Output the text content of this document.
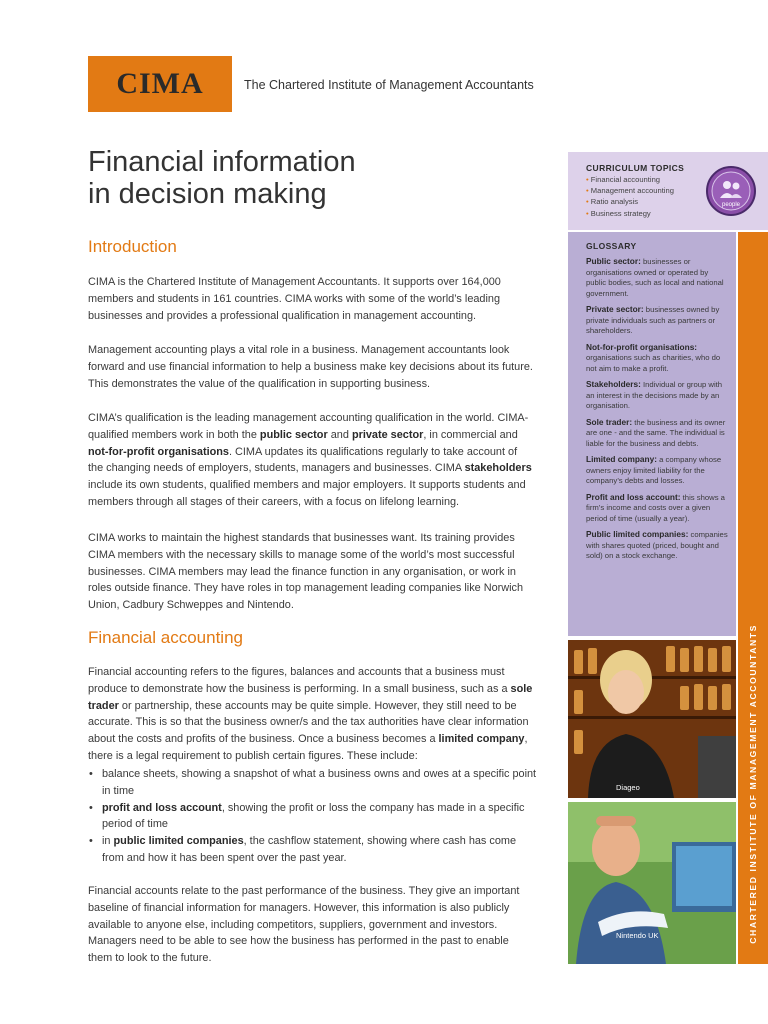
CIMA	The Chartered Institute of Management Accountants
Financial information
in decision making
Introduction

CIMA is the Chartered Institute of Management Accountants. It supports over 164,000 members and students in 161 countries. CIMA works with some of the world’s leading businesses and provides a professional qualification in management accounting.

Management accounting plays a vital role in a business. Management accountants look forward and use financial information to help a business make key decisions about its future. This demonstrates the value of the qualification in supporting business.

CIMA’s qualification is the leading management accounting qualification in the world. CIMA-qualified members work in both the public sector and private sector, in commercial and not-for-profit organisations. CIMA updates its qualifications regularly to take account of the changing needs of employers, students, managers and businesses. CIMA stakeholders include its own students, qualified members and major employers. It supports students and members through all stages of their careers, with a focus on lifelong learning.

CIMA works to maintain the highest standards that businesses want. Its training provides CIMA members with the necessary skills to manage some of the world’s most successful businesses. CIMA members may lead the finance function in any organisation, or work in roles outside finance. They have roles in top management leading companies like Norwich Union, Cadbury Schweppes and Nintendo.

Financial accounting

Financial accounting refers to the figures, balances and accounts that a business must produce to demonstrate how the business is performing. In a small business, such as a sole trader or partnership, these accounts may be quite simple. However, they still need to be accurate. This is so that the business owner/s and the tax authorities have clear information about the costs and profits of the business. Once a business becomes a limited company, there is a legal requirement to publish certain figures. These include:

• balance sheets, showing a snapshot of what a business owns and owes at a specific point in time
• profit and loss account, showing the profit or loss the company has made in a specific period of time
• in public limited companies, the cashflow statement, showing where cash has come from and how it has been spent over the past year.

Financial accounts relate to the past performance of the business. They give an important baseline of financial information for managers. However, this information is also publicly available to anyone else, including competitors, suppliers, government and investors. Managers need to be able to see how the business has performed in the past to enable them to look to the future.

CURRICULUM TOPICS
• Financial accounting
• Management accounting
• Ratio analysis
• Business strategy
people
GLOSSARY

Public sector: businesses or organisations owned or operated by public bodies, such as local and national government.

Private sector: businesses owned by private individuals such as partners or shareholders.

Not-for-profit organisations: organisations such as charities, who do not aim to make a profit.

Stakeholders: Individual or group with an interest in the decisions made by an organisation.

Sole trader: the business and its owner are one - and the same. The individual is liable for the business and debts.

Limited company: a company whose owners enjoy limited liability for the company’s debts and losses.

Profit and loss account: this shows a firm’s income and costs over a given period of time (usually a year).

Public limited companies: companies with shares quoted (priced, bought and sold) on a stock exchange.

CHARTERED INSTITUTE OF MANAGEMENT ACCOUNTANTS
Diageo
Nintendo UK
